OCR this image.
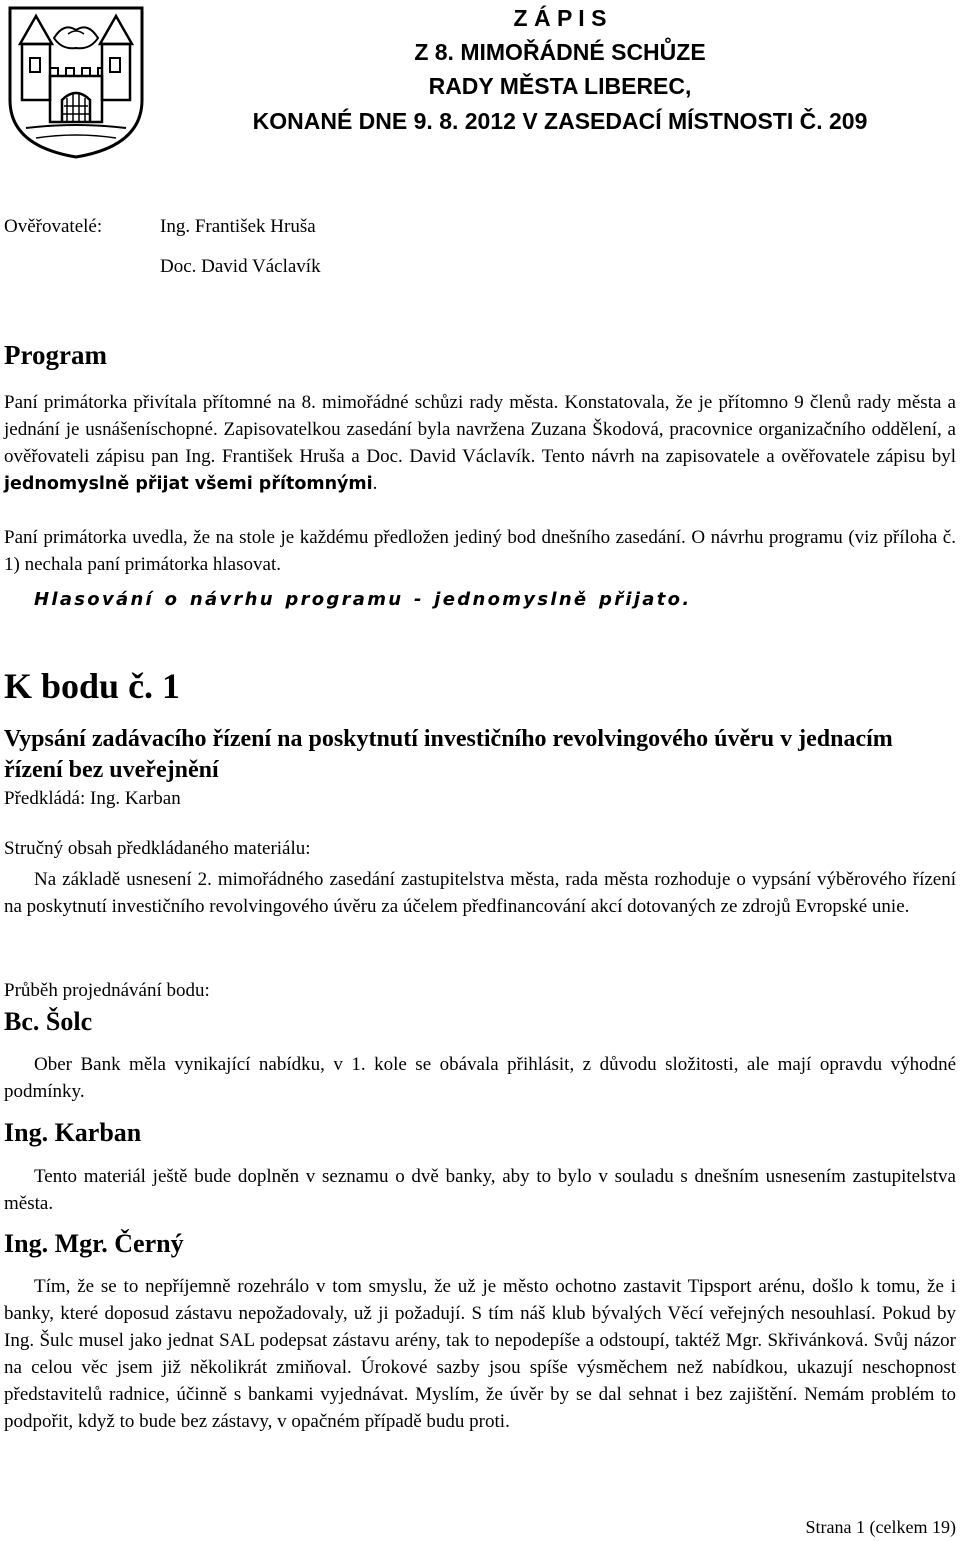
Z Á P I S
Z 8. MIMOŘÁDNÉ SCHŮZE
RADY MĚSTA LIBEREC,
KONANÉ DNE 9. 8. 2012 V ZASEDACÍ MÍSTNOSTI Č. 209
Ověřovatelé:	Ing. František Hruša
Doc. David Václavík
Program
Paní primátorka přivítala přítomné na 8. mimořádné schůzi rady města. Konstatovala, že je přítomno 9 členů rady města a jednání je usnášeníschopné. Zapisovatelkou zasedání byla navržena Zuzana Škodová, pracovnice organizačního oddělení, a ověřovateli zápisu pan Ing. František Hruša a Doc. David Václavík. Tento návrh na zapisovatele a ověřovatele zápisu byl jednomyslně přijat všemi přítomnými.
Paní primátorka uvedla, že na stole je každému předložen jediný bod dnešního zasedání. O návrhu programu (viz příloha č. 1) nechala paní primátorka hlasovat.
Hlasování o návrhu programu - jednomyslně přijato.
K bodu č. 1
Vypsání zadávacího řízení na poskytnutí investičního revolvingového úvěru v jednacím řízení bez uveřejnění
Předkládá: Ing. Karban
Stručný obsah předkládaného materiálu:
Na základě usnesení 2. mimořádného zasedání zastupitelstva města, rada města rozhoduje o vypsání výběrového řízení na poskytnutí investičního revolvingového úvěru za účelem předfinancování akcí dotovaných ze zdrojů Evropské unie.
Průběh projednávání bodu:
Bc. Šolc
Ober Bank měla vynikající nabídku, v 1. kole se obávala přihlásit, z důvodu složitosti, ale mají opravdu výhodné podmínky.
Ing. Karban
Tento materiál ještě bude doplněn v seznamu o dvě banky, aby to bylo v souladu s dnešním usnesením zastupitelstva města.
Ing. Mgr. Černý
Tím, že se to nepříjemně rozehrálo v tom smyslu, že už je město ochotno zastavit Tipsport arénu, došlo k tomu, že i banky, které doposud zástavu nepožadovaly, už ji požadují. S tím náš klub bývalých Věcí veřejných nesouhlasí. Pokud by Ing. Šulc musel jako jednat SAL podepsat zástavu arény, tak to nepodepíše a odstoupí, taktéž Mgr. Skřivánková. Svůj názor na celou věc jsem již několikrát zmiňoval. Úrokové sazby jsou spíše výsměchem než nabídkou, ukazují neschopnost představitelů radnice, účinně s bankami vyjednávat. Myslím, že úvěr by se dal sehnat i bez zajištění. Nemám problém to podpořit, když to bude bez zástavy, v opačném případě budu proti.
Strana 1 (celkem 19)
